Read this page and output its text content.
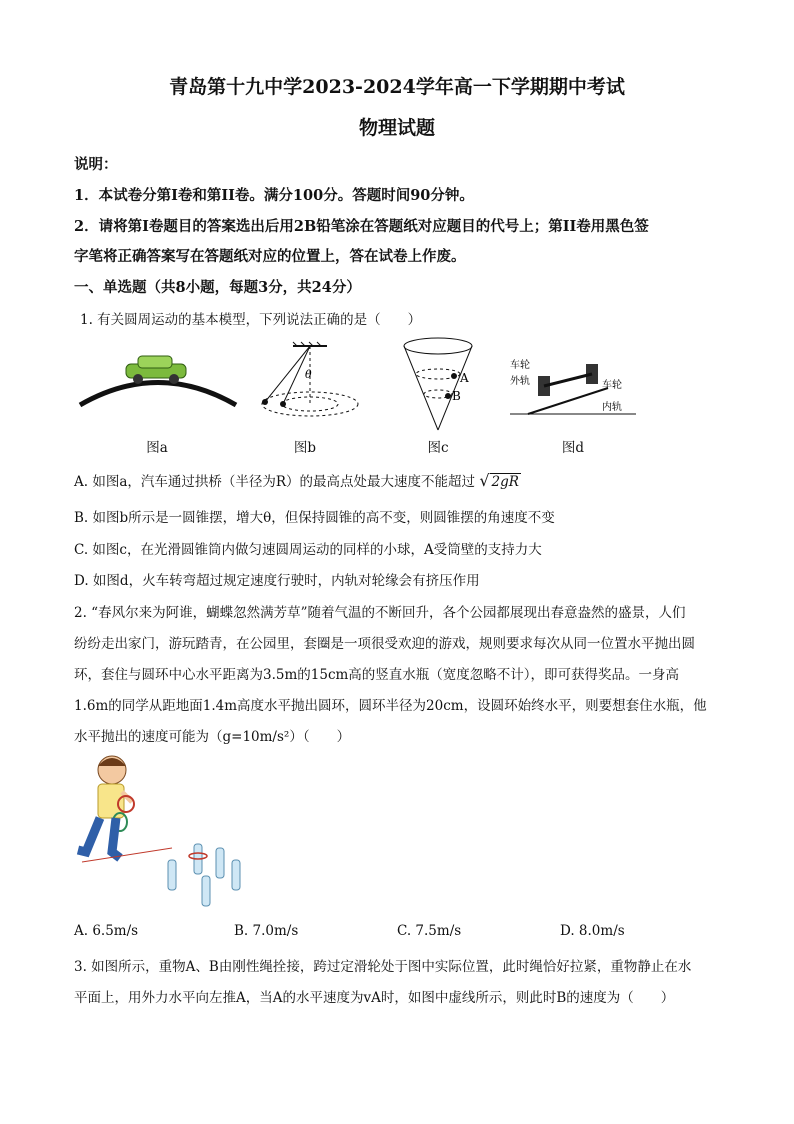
青岛第十九中学2023-2024学年高一下学期期中考试
物理试题
说明：
1．本试卷分第I卷和第II卷。满分100分。答题时间90分钟。
2．请将第I卷题目的答案选出后用2B铅笔涂在答题纸对应题目的代号上；第II卷用黑色签
字笔将正确答案写在答题纸对应的位置上，答在试卷上作废。
一、单选题（共8小题，每题3分，共24分）
1. 有关圆周运动的基本模型，下列说法正确的是（　　）
图a
θ
图b
A
B
图c
车轮
外轨	车轮
内轨
图d
A. 如图a，汽车通过拱桥（半径为R）的最高点处最大速度不能超过 √ 2gR
B. 如图b所示是一圆锥摆，增大θ，但保持圆锥的高不变，则圆锥摆的角速度不变
C. 如图c，在光滑圆锥筒内做匀速圆周运动的同样的小球，A受筒壁的支持力大
D. 如图d，火车转弯超过规定速度行驶时，内轨对轮缘会有挤压作用
2. “春风尔来为阿谁，蝴蝶忽然满芳草”随着气温的不断回升，各个公园都展现出春意盎然的盛景，人们
纷纷走出家门，游玩踏青，在公园里，套圈是一项很受欢迎的游戏，规则要求每次从同一位置水平抛出圆
环，套住与圆环中心水平距离为3.5m的15cm高的竖直水瓶（宽度忽略不计），即可获得奖品。一身高
1.6m的同学从距地面1.4m高度水平抛出圆环，圆环半径为20cm，设圆环始终水平，则要想套住水瓶，他
水平抛出的速度可能为（g=10m/s²）（　　）
A. 6.5m/s	B. 7.0m/s	C. 7.5m/s	D. 8.0m/s
3. 如图所示，重物A、B由刚性绳拴接，跨过定滑轮处于图中实际位置，此时绳恰好拉紧，重物静止在水
平面上，用外力水平向左推A，当A的水平速度为vA时，如图中虚线所示，则此时B的速度为（　　）
